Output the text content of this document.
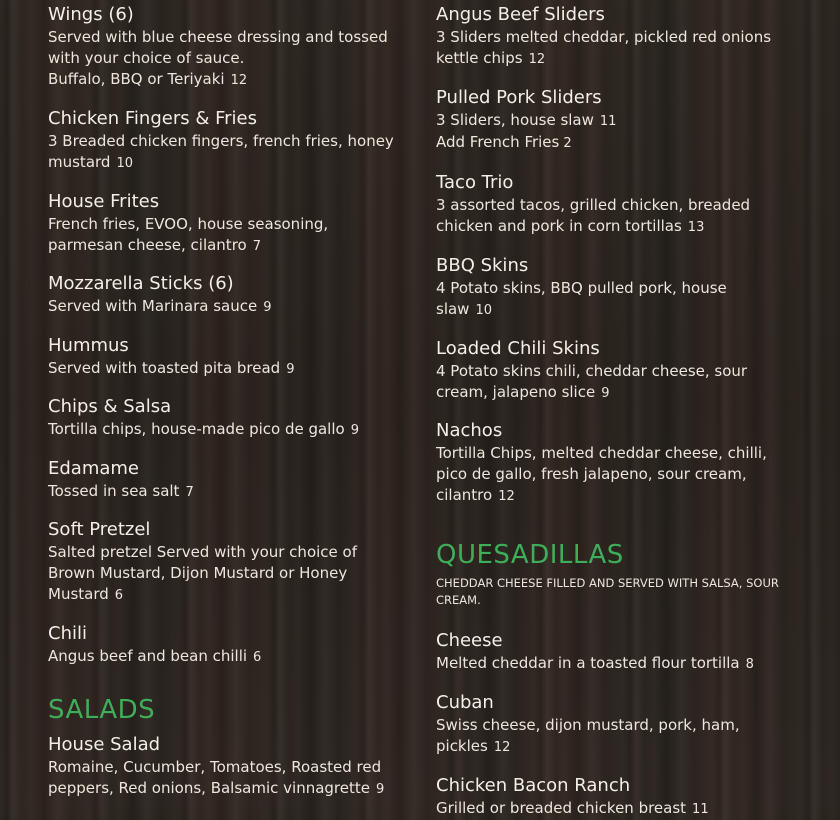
Wings (6)
Served with blue cheese dressing and tossed with your choice of sauce.
Buffalo, BBQ or Teriyaki 12
Chicken Fingers & Fries
3 Breaded chicken fingers, french fries, honey mustard 10
House Frites
French fries, EVOO, house seasoning, parmesan cheese, cilantro 7
Mozzarella Sticks (6)
Served with Marinara sauce 9
Hummus
Served with toasted pita bread 9
Chips & Salsa
Tortilla chips, house-made pico de gallo 9
Edamame
Tossed in sea salt 7
Soft Pretzel
Salted pretzel Served with your choice of Brown Mustard, Dijon Mustard or Honey Mustard 6
Chili
Angus beef and bean chilli 6
SALADS
House Salad
Romaine, Cucumber, Tomatoes, Roasted red peppers, Red onions, Balsamic vinnagrette 9
Angus Beef Sliders
3 Sliders melted cheddar, pickled red onions kettle chips 12
Pulled Pork Sliders
3 Sliders, house slaw 11
Add French Fries 2
Taco Trio
3 assorted tacos, grilled chicken, breaded chicken and pork in corn tortillas 13
BBQ Skins
4 Potato skins, BBQ pulled pork, house slaw 10
Loaded Chili Skins
4 Potato skins chili, cheddar cheese, sour cream, jalapeno slice 9
Nachos
Tortilla Chips, melted cheddar cheese, chilli, pico de gallo, fresh jalapeno, sour cream, cilantro 12
QUESADILLAS
CHEDDAR CHEESE FILLED AND SERVED WITH SALSA, SOUR CREAM.
Cheese
Melted cheddar in a toasted flour tortilla 8
Cuban
Swiss cheese, dijon mustard, pork, ham, pickles 12
Chicken Bacon Ranch
Grilled or breaded chicken breast 11
